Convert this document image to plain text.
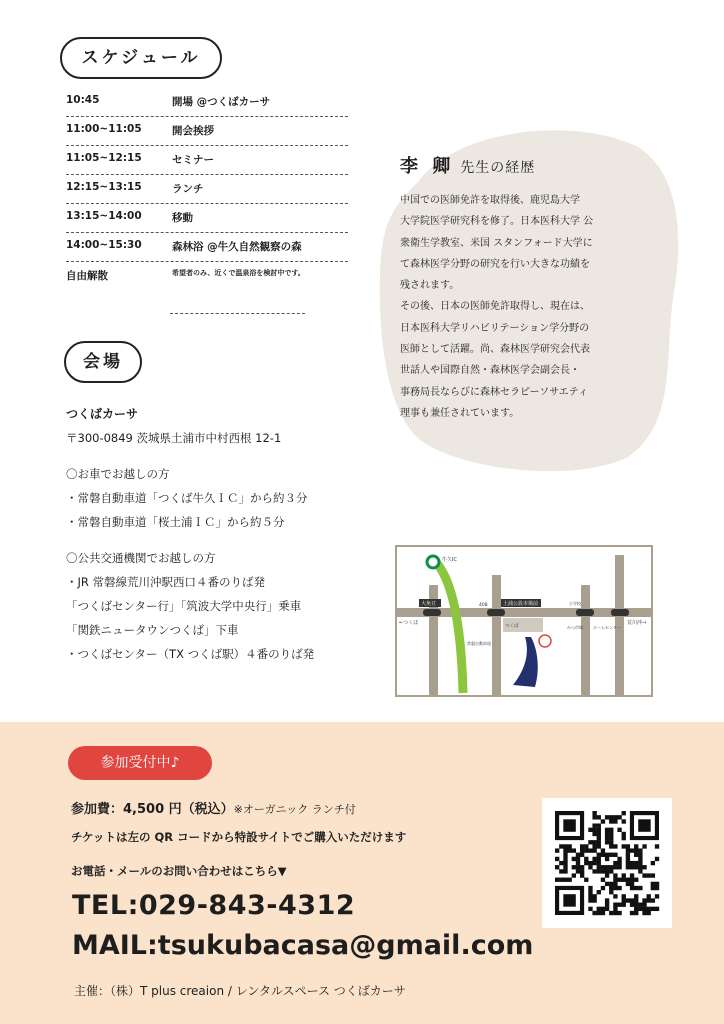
スケジュール
10:45	開場 @つくばカーサ
11:00~11:05	開会挨拶
11:05~12:15	セミナー
12:15~13:15	ランチ
13:15~14:00	移動
14:00~15:30	森林浴 @牛久自然観察の森
自由解散	希望者のみ、近くで温泉浴を検討中です。
会場
つくばカーサ
〒300-0849 茨城県土浦市中村西根 12-1
〇お車でお越しの方
・常磐自動車道「つくば牛久ＩＣ」から約３分
・常磐自動車道「桜土浦ＩＣ」から約５分
〇公共交通機関でお越しの方
・JR 常磐線荒川沖駅西口４番のりば発
「つくばセンター行」「筑波大学中央行」乗車
「関鉄ニュータウンつくば」下車
・つくばセンター（TX つくば駅）４番のりば発
李 卿 先生の経歴
中国での医師免許を取得後、鹿児島大学
大学院医学研究科を修了。日本医科大学 公
衆衛生学教室、米国 スタンフォード大学に
て森林医学分野の研究を行い大きな功績を
残されます。
その後、日本の医師免許取得し、現在は、
日本医科大学リハビリテーション学分野の
医師として活躍。尚、森林医学研究会代表
世話人や国際自然・森林医学会副会長・
事務局長ならびに森林セラピーソサエティ
理事も兼任されています。
牛久IC
大角豆	土浦公設市場前
←つくば	荒川沖→
408
つくば
常磐自動車道
小学校
かつ市場	ホームセンター
参加受付中♪
参加費：4,500 円（税込）※オーガニック ランチ付
チケットは左の QR コードから特設サイトでご購入いただけます
お電話・メールのお問い合わせはこちら▼
TEL:029-843-4312
MAIL:tsukubacasa@gmail.com
主催：（株）T plus creaion / レンタルスペース つくばカーサ
